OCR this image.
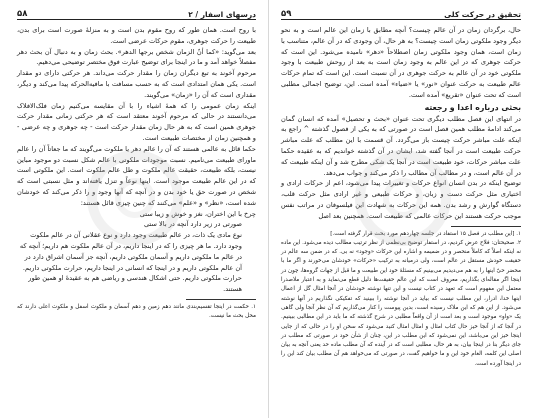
تحقیق در حرکت کلی
۵۹

حال، برگردان زمان در آن عالم چیست؟ آنچه مطابق با زمان این عالم است و به نحو دیگر وجود ملکوتی زمان است چیست؟ به هر حال، آن وجودی که در آن عالم، متناسب با زمان است، همان وجود ملکوتی زمان اصطلاحاً «دهر» نامیده می‌شود. این است که حرکت جوهری که در این عالم به وجود زمان است به بعد از روحش طبیعت با وجود ملکوتی خود در آن عالم به حرکت جوهری در آن نسبت است. این است که تمام حرکات عالم طبیعت به حرکت عنوان «نور» یا «ضیاء» آمده است. این، توضیح اجمالی مطلبی است که تحت عنوان «تقریع» آمده است.

بحثی درباره اعدا و رجعته

در انتهای این فصل مطلب دیگری تحت عنوان «بحث و تحصیل» آمده که انسان گمان می‌کند ادامهٔ مطلب همین فصل است در صورتی که به یکی از فصول گذشته ^ راجع به اینکه علت مباشر حرکت چیست باز می‌گردد. آن قسمت با این مطلب که علت مباشر حرکت طبیعت است در آنجا گفته شد، ایشان در آن گذشته خواندیم که به عقیده حکما علت مباشر حرکات، خود طبیعت است در آنجا یک شکی مطرح شد و آن اینکه طبیعت که در آن عالم است، و در مطالب آن مطالب را ذکر می‌کند و جواب می‌دهد.

توضیح اینکه در بدن انسان انواع حرکات و تغییرات پیدا می‌شود، اعم از حرکات ارادی و اختیاری مثل حرکت دست و زبان، و حرکات طبیعی و غیر ارادی مثل حرکت قلب، دستگاه گوارش و رشد بدن. همه این حرکات به شهادت این فیلسوفان در مراتب نفس موجب حرکت هستند این حرکات عالمی که طبیعت است. همچنین بعد اصل

۱. [این مطلب در فصل ۱۵ استفاد در جلسه چهاردهم مورد بحث قرار گرفته است.]

۲. صحیحتان: فلاح عرض کردیم، در استفار توضیح بی‌نظمی از نظر ترتیب مطالب دیده می‌شود. این ماده نه اینکه اصلاً که کاملاً منحصر و در ضمیمه و اشاره این حرکات «وجود» نه بی. که در ضمن سه عالم در حقیقت خودش مستقل در عالم است، ولی درمیانه به ترکیب «حرکات» خودشان می‌خورند و اگر ما با محضر حیّ اینها را به هم می‌دیدیم می‌بینیم که مسئلهٔ خود این طبیعت و ما قبل از جهات گروه‌ها، چون در اینجا اگر مقاله‌ای بگذاریم، معروف است که این عالم حقیقت‌ها دلیل قطع می‌نماید و به اعتبار ملاصدرا معتمل این مفهوم است که تعهد در کتاب نیست و این تنها نوشته خودشان در آنجا امثال گل از اعمال اینها خدا، ادرار، این مطلب نیست که بیاید در آنجا نوشته را ببینید که تفکیکی نگذاریم در آنها نوشته می‌شود. از این هم که این ملاک رسیده است، بدین پیوست را کنار می‌گذاریم که آن نظر آنجا ولی گاهی یک «واو» موجود است و بعد است از آن واقعاً مطلبی در شرح گذشته که ما باید در این مطالبی ببینیم. در آنجا که از آنجا خیز حال کتاب امثال و امثال امثال کنید می‌شود که سخن او را در حالی که از جایی اینجا خیز این می‌باشد، این نمی‌شود که این مطلب در این، چنان از شأن خود در صورتی که مطلب در جای دیگر بنا در اینجا بیان، به هر حال، مطلبی است که در آینده که آن مطلب ماده حد یعنی آنچه به بیان اصلی این کلمه، الغام خود این و ما خواهیم گفت، در صورتی که می‌خواهد هم آن مطلب بیان کند این را در اینجا آورده است.

درسهای اسفار / ۲
۵۸

با روح است. همان طور که روح مقوم بدن است و به منزلهٔ صورت است برای بدن، طبیعت را حرکت جوهری، مقوم حرکات عرضی است.

بعد می‌گوید: «کما أنّ الزمان شخص برجها الدهر». بحث زمان و به دنبال آن بحث دهر مفصلاً خواهد آمد و ما در اینجا برای توضیح عبارت فوق مختصر توضیحی می‌دهیم.

مرحوم آخوند به تبع دیگران زمان را مقدار حرکت می‌داند. هر حرکتی دارای دو مقدار است. یکی همان امتدادی است که به حسب مسافت با مافیه‌الحرکه پیدا می‌کند و دیگر، مقداری است که آن را «زمان» می‌گویند.

اینکه زمان عمومی را که همهٔ اشیاء را با آن مقایسه می‌کنیم زمان فلک‌الافلاک می‌دانستند در حالی که مرحوم آخوند معتقد است که هر حرکتی زمانی مقدار حرکت جوهری همین است که به هر حال زمان مقدار حرکت است - چه جوهری و چه عرضی - و همچنین زمان از مختصات طبیعت است.

حکما قائل به عالمی هستند که آن را عالم دهر یا ملکوت می‌گویند که ما جعاتاً آن را عالم ماورای طبیعت می‌نامیم. نسبت موجودات ملکوتی با عالم شکل نسبت دو موجود مباین نیست، بلکه طبیعت، حقیقت عالم ملکوت و طل عالم ملکوت است. این ملکوتی است که در این عالم طبیعت موجود است. اینها نوعاً و تنزل یافته‌اند و مثل نسبتی است که شخص در صورت حق یا خود بدن و در آنچه که آنها وجود و را ذکر می‌کند که خودشان شده است، «نظر» و «علم» می‌کنند که چنین چیزی قائل هستند:

چرخ با این اختران، نغز و خوش و زیبا ستی

صورتی در زیر دارد آنچه در بالا ستی

نوع مادی یک ذات، در عالم طبیعت وجود دارد و نوع عقلانی آن در عالم ملکوت وجود دارد. ما هر چیزی را که در اینجا داریم، در آن عالم ملکوت هم داریم؛ آنچه که در عالم ما ملکوتی داریم و آسمان ملکوتی داریم، آنچه جز آسمان اشراق دارد در آن عالم ملکوتی داریم و در اینجا که انسانی در اینجا داریم، حرارت ملکوتی داریم. حرارت ملکوتی داریم. حتی اشکال هندسی و ریاضی هم به عقیدهٔ او همین طور هستند.

۱. حکمت در اینجا تقسیم‌بندی مانند دهم زمین و دهم آسمان و ملکوت اسفل و ملکوت اعلی دارند که محل بحث ما نیست.
